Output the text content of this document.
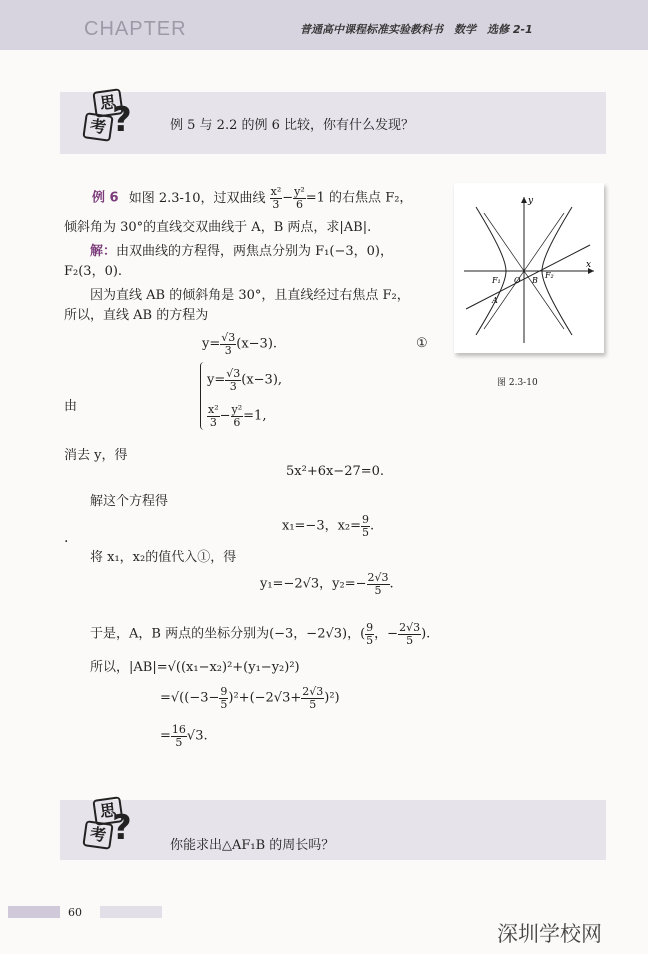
CHAPTER	普通高中课程标准实验教科书　数学　选修 2-1
思
考 ?	例 5 与 2.2 的例 6 比较，你有什么发现？
例 6 如图 2.3-10，过双曲线 $\frac{\text{x²}}{3} - \frac{\text{y²}}{6} =1$ 的右焦点 F₂，
倾斜角为 30°的直线交双曲线于 A，B 两点，求|AB|.
解：由双曲线的方程得，两焦点分别为 F₁(−3，0)，
F₂(3，0).
因为直线 AB 的倾斜角是 30°，且直线经过右焦点 F₂，
所以，直线 AB 的方程为
$y= \frac{√3}{3} (x-3)$.	①
由
$y= \frac{√3}{3} (x-3)$,
$\frac{\text{x²}}{3} - \frac{\text{y²}}{6} =1$,
消去 y，得
5x²+6x−27=0.
解这个方程得
.
x₁=−3，$x_2= \frac{9}{5}$ .
将 x₁，x₂的值代入①，得
y₁=−2√3，$y_2=- \frac{2√3}{5}$ .
于是，A，B 两点的坐标分别为(−3，−2√3)，( $\frac{9}{5}$ ，− $\frac{2√3}{5}$ ).
所以，|AB|=√((x₁−x₂)²+(y₁−y₂)²)
$=√((-3- \frac{9}{5} )^2+(-2√3+ \frac{2√3}{5} )^2)$
= $\frac{16}{5} √3$.
y
x
O
F₁
F₂
A
B
图 2.3-10
思
考 ?	你能求出△AF₁B 的周长吗？
60
深圳学校网
